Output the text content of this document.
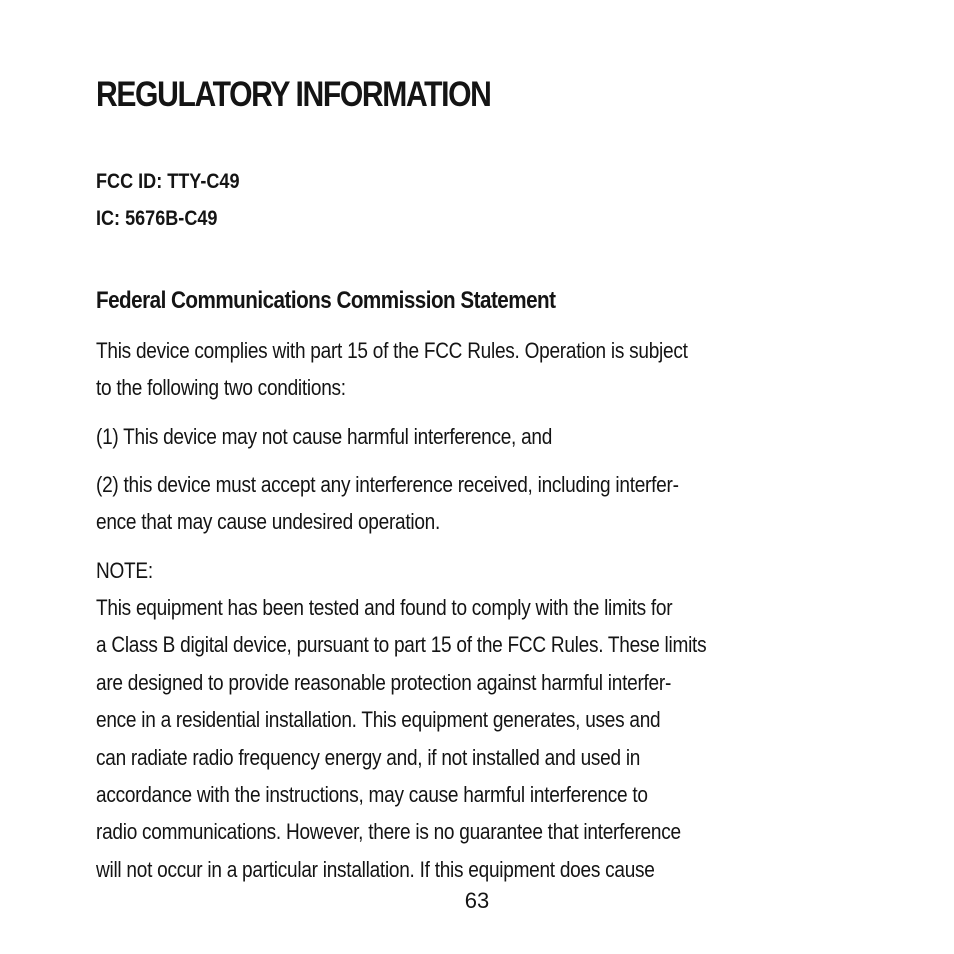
REGULATORY INFORMATION
FCC ID: TTY-C49
IC: 5676B-C49
Federal Communications Commission Statement
This device complies with part 15 of the FCC Rules. Operation is subject
to the following two conditions:
(1) This device may not cause harmful interference, and
(2) this device must accept any interference received, including interfer-
ence that may cause undesired operation.
NOTE:
This equipment has been tested and found to comply with the limits for
a Class B digital device, pursuant to part 15 of the FCC Rules. These limits
are designed to provide reasonable protection against harmful interfer-
ence in a residential installation. This equipment generates, uses and
can radiate radio frequency energy and, if not installed and used in
accordance with the instructions, may cause harmful interference to
radio communications. However, there is no guarantee that interference
will not occur in a particular installation. If this equipment does cause
63
